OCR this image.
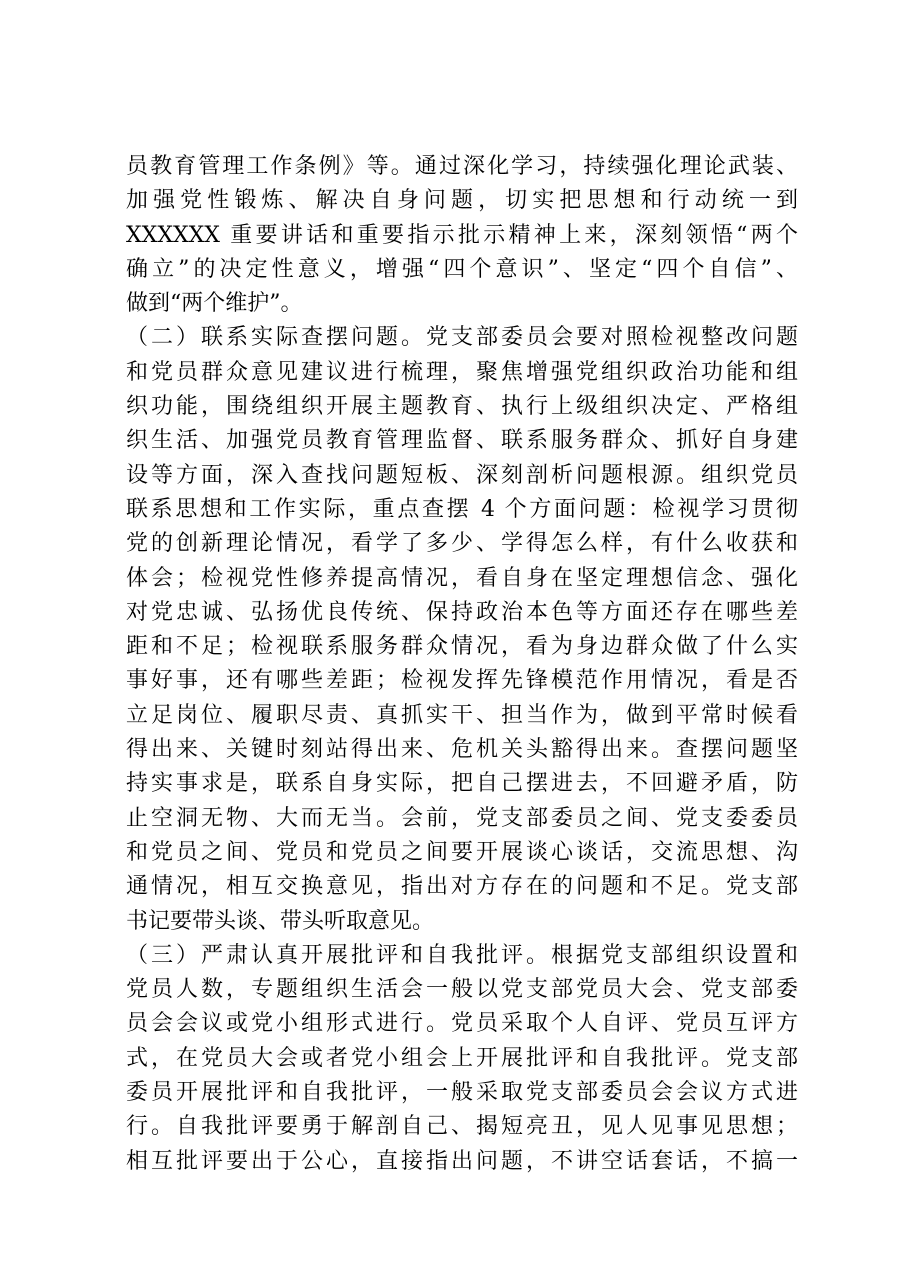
员教育管理工作条例》等。通过深化学习，持续强化理论武装、
加强党性锻炼、解决自身问题，切实把思想和行动统一到
XXXXXX 重要讲话和重要指示批示精神上来，深刻领悟“两个
确立”的决定性意义，增强“四个意识”、坚定“四个自信”、
做到“两个维护”。
（二）联系实际查摆问题。党支部委员会要对照检视整改问题
和党员群众意见建议进行梳理，聚焦增强党组织政治功能和组
织功能，围绕组织开展主题教育、执行上级组织决定、严格组
织生活、加强党员教育管理监督、联系服务群众、抓好自身建
设等方面，深入查找问题短板、深刻剖析问题根源。组织党员
联系思想和工作实际，重点查摆 4 个方面问题：检视学习贯彻
党的创新理论情况，看学了多少、学得怎么样，有什么收获和
体会；检视党性修养提高情况，看自身在坚定理想信念、强化
对党忠诚、弘扬优良传统、保持政治本色等方面还存在哪些差
距和不足；检视联系服务群众情况，看为身边群众做了什么实
事好事，还有哪些差距；检视发挥先锋模范作用情况，看是否
立足岗位、履职尽责、真抓实干、担当作为，做到平常时候看
得出来、关键时刻站得出来、危机关头豁得出来。查摆问题坚
持实事求是，联系自身实际，把自己摆进去，不回避矛盾，防
止空洞无物、大而无当。会前，党支部委员之间、党支委委员
和党员之间、党员和党员之间要开展谈心谈话，交流思想、沟
通情况，相互交换意见，指出对方存在的问题和不足。党支部
书记要带头谈、带头听取意见。
（三）严肃认真开展批评和自我批评。根据党支部组织设置和
党员人数，专题组织生活会一般以党支部党员大会、党支部委
员会会议或党小组形式进行。党员采取个人自评、党员互评方
式，在党员大会或者党小组会上开展批评和自我批评。党支部
委员开展批评和自我批评，一般采取党支部委员会会议方式进
行。自我批评要勇于解剖自己、揭短亮丑，见人见事见思想；
相互批评要出于公心，直接指出问题，不讲空话套话，不搞一
